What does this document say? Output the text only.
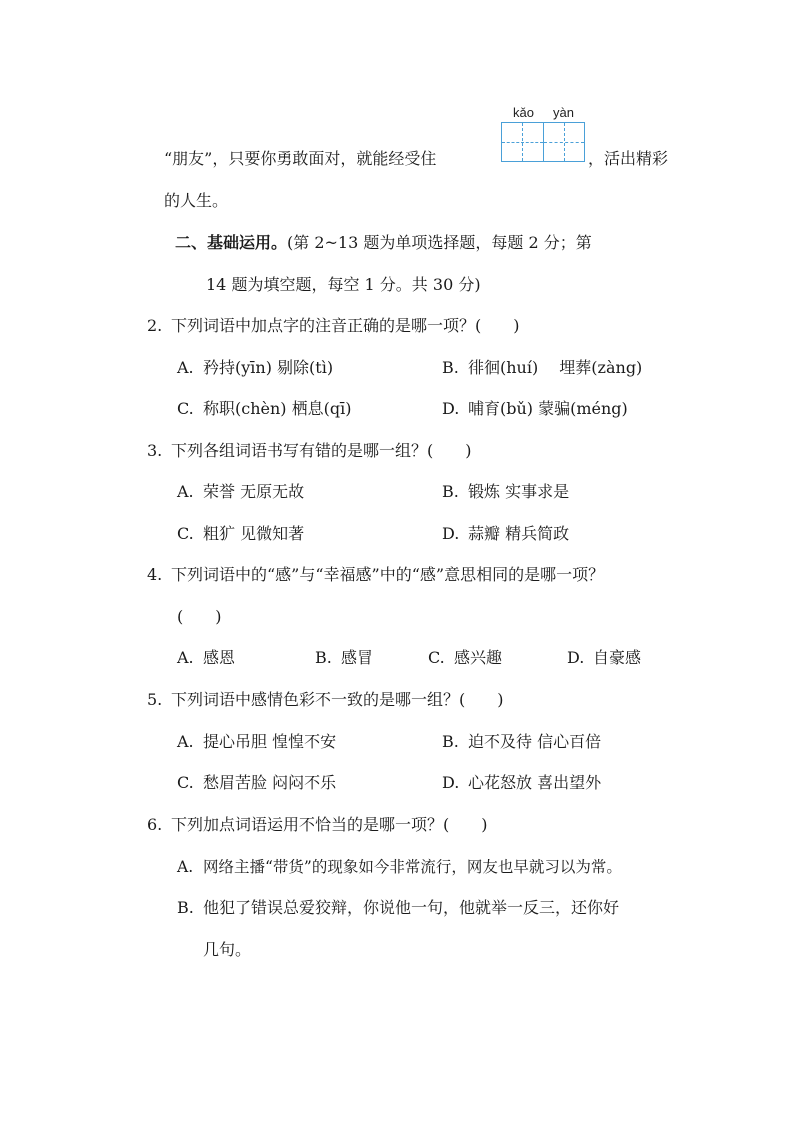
“朋友”，只要你勇敢面对，就能经受住
kǎo yàn
，活出精彩
的人生。
二、基础运用。(第 2~13 题为单项选择题，每题 2 分；第
14 题为填空题，每空 1 分。共 30 分)
2. 下列词语中加点字的注音正确的是哪一项？(　　)
A. 矜持(yīn) 剔除(tì)	B. 徘徊(huí)　 埋葬(zàng)
C. 称职(chèn) 栖息(qī)	D. 哺育(bǔ) 蒙骗(méng)
3. 下列各组词语书写有错的是哪一组？(　　)
A. 荣誉 无原无故	B. 锻炼 实事求是
C. 粗犷 见微知著	D. 蒜瓣 精兵简政
4. 下列词语中的“感”与“幸福感”中的“感”意思相同的是哪一项？
(　　)
A. 感恩	B. 感冒	C. 感兴趣	D. 自豪感
5. 下列词语中感情色彩不一致的是哪一组？(　　)
A. 提心吊胆 惶惶不安	B. 迫不及待 信心百倍
C. 愁眉苦脸 闷闷不乐	D. 心花怒放 喜出望外
6. 下列加点词语运用不恰当的是哪一项？(　　)
A. 网络主播“带货”的现象如今非常流行，网友也早就习以为常。
B. 他犯了错误总爱狡辩，你说他一句，他就举一反三，还你好
几句。
